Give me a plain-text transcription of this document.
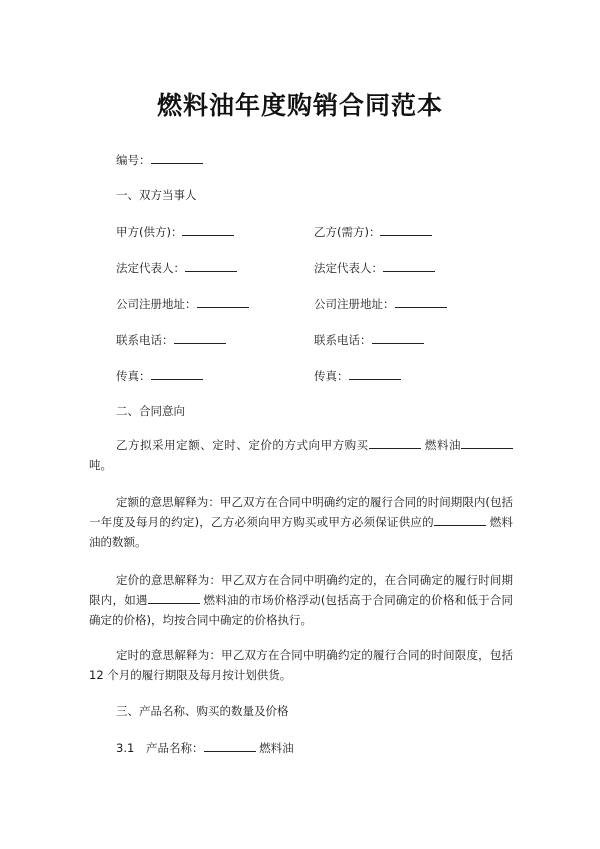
燃料油年度购销合同范本
编号：
一、双方当事人
甲方(供方)：	乙方(需方)：
法定代表人：	法定代表人：
公司注册地址：	公司注册地址：
联系电话：	联系电话：
传真：	传真：
二、合同意向
乙方拟采用定额、定时、定价的方式向甲方购买	燃料油吨。
定额的意思解释为：甲乙双方在合同中明确约定的履行合同的时间期限内(包括一年度及每月的约定)，乙方必须向甲方购买或甲方必须保证供应的	燃料油的数额。
定价的意思解释为：甲乙双方在合同中明确约定的，在合同确定的履行时间期限内，如遇	燃料油的市场价格浮动(包括高于合同确定的价格和低于合同确定的价格)，均按合同中确定的价格执行。
定时的意思解释为：甲乙双方在合同中明确约定的履行合同的时间限度，包括 12 个月的履行期限及每月按计划供货。
三、产品名称、购买的数量及价格
3.1 产品名称：	燃料油
